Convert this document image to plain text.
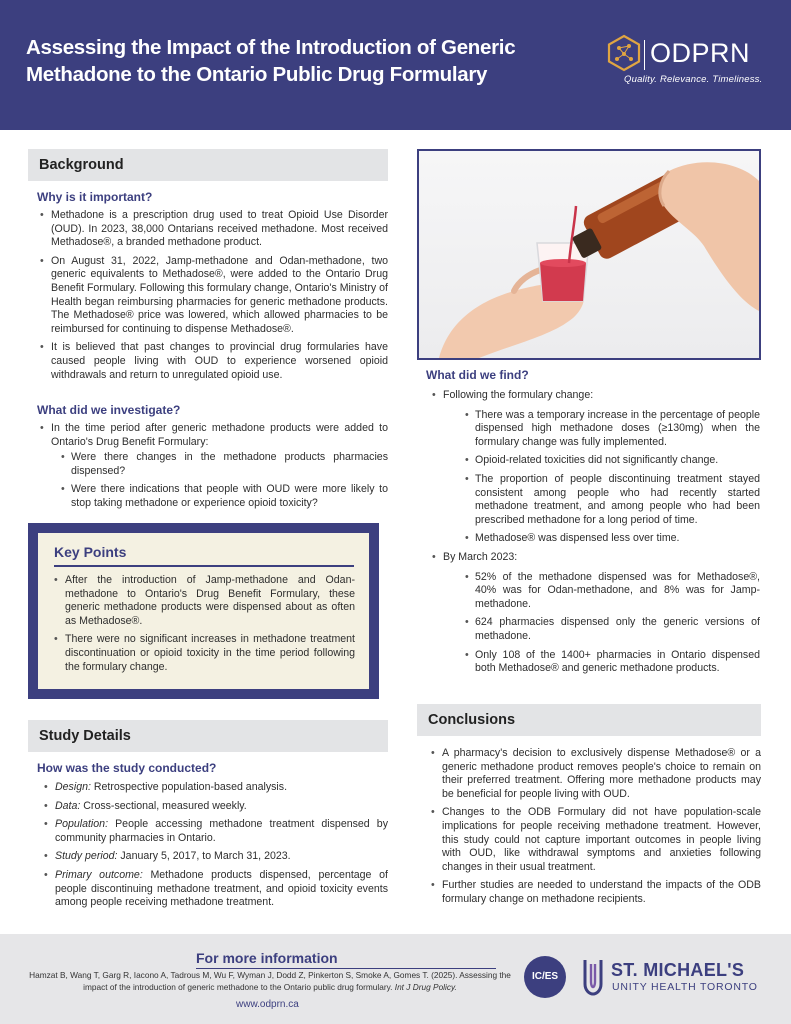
Assessing the Impact of the Introduction of Generic
Methadone to the Ontario Public Drug Formulary
ODPRN
Quality. Relevance. Timeliness.
Background
Why is it important?
• Methadone is a prescription drug used to treat Opioid Use Disorder (OUD). In 2023, 38,000 Ontarians received methadone. Most received Methadose®, a branded methadone product.
• On August 31, 2022, Jamp-methadone and Odan-methadone, two generic equivalents to Methadose®, were added to the Ontario Drug Benefit Formulary. Following this formulary change, Ontario's Ministry of Health began reimbursing pharmacies for generic methadone products. The Methadose® price was lowered, which allowed pharmacies to be reimbursed for continuing to dispense Methadose®.
• It is believed that past changes to provincial drug formularies have caused people living with OUD to experience worsened opioid withdrawals and return to unregulated opioid use.
What did we investigate?
• In the time period after generic methadone products were added to Ontario's Drug Benefit Formulary:
• Were there changes in the methadone products pharmacies dispensed?
• Were there indications that people with OUD were more likely to stop taking methadone or experience opioid toxicity?
Key Points
• After the introduction of Jamp-methadone and Odan-methadone to Ontario's Drug Benefit Formulary, these generic methadone products were dispensed about as often as Methadose®.
• There were no significant increases in methadone treatment discontinuation or opioid toxicity in the time period following the formulary change.
Study Details
How was the study conducted?
• Design: Retrospective population-based analysis.
• Data: Cross-sectional, measured weekly.
• Population: People accessing methadone treatment dispensed by community pharmacies in Ontario.
• Study period: January 5, 2017, to March 31, 2023.
• Primary outcome: Methadone products dispensed, percentage of people discontinuing methadone treatment, and opioid toxicity events among people receiving methadone treatment.
What did we find?
• Following the formulary change:
• There was a temporary increase in the percentage of people dispensed high methadone doses (≥130mg) when the formulary change was fully implemented.
• Opioid-related toxicities did not significantly change.
• The proportion of people discontinuing treatment stayed consistent among people who had recently started methadone treatment, and among people who had been prescribed methadone for a long period of time.
• Methadose® was dispensed less over time.
• By March 2023:
• 52% of the methadone dispensed was for Methadose®, 40% was for Odan-methadone, and 8% was for Jamp-methadone.
• 624 pharmacies dispensed only the generic versions of methadone.
• Only 108 of the 1400+ pharmacies in Ontario dispensed both Methadose® and generic methadone products.
Conclusions
• A pharmacy's decision to exclusively dispense Methadose® or a generic methadone product removes people's choice to remain on their preferred treatment. Offering more methadone products may be beneficial for people living with OUD.
• Changes to the ODB Formulary did not have population-scale implications for people receiving methadone treatment. However, this study could not capture important outcomes in people living with OUD, like withdrawal symptoms and anxieties following changes in their usual treatment.
• Further studies are needed to understand the impacts of the ODB formulary change on methadone recipients.
For more information
Hamzat B, Wang T, Garg R, Iacono A, Tadrous M, Wu F, Wyman J, Dodd Z, Pinkerton S, Smoke A, Gomes T. (2025). Assessing the impact of the introduction of generic methadone to the Ontario public drug formulary. Int J Drug Policy.
www.odprn.ca
IC/ES	ST. MICHAEL'S
UNITY HEALTH TORONTO
